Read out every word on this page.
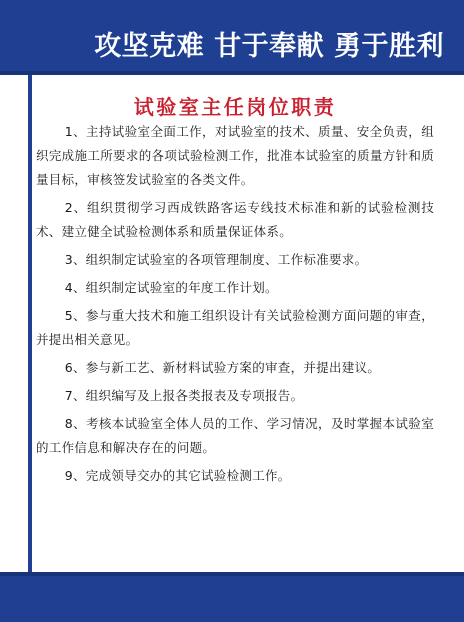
攻坚克难 甘于奉献 勇于胜利
试验室主任岗位职责

1、主持试验室全面工作，对试验室的技术、质量、安全负责，组织完成施工所要求的各项试验检测工作，批准本试验室的质量方针和质量目标，审核签发试验室的各类文件。

2、组织贯彻学习西成铁路客运专线技术标准和新的试验检测技术、建立健全试验检测体系和质量保证体系。

3、组织制定试验室的各项管理制度、工作标准要求。

4、组织制定试验室的年度工作计划。

5、参与重大技术和施工组织设计有关试验检测方面问题的审查，并提出相关意见。

6、参与新工艺、新材料试验方案的审查，并提出建议。

7、组织编写及上报各类报表及专项报告。

8、考核本试验室全体人员的工作、学习情况，及时掌握本试验室的工作信息和解决存在的问题。

9、完成领导交办的其它试验检测工作。
